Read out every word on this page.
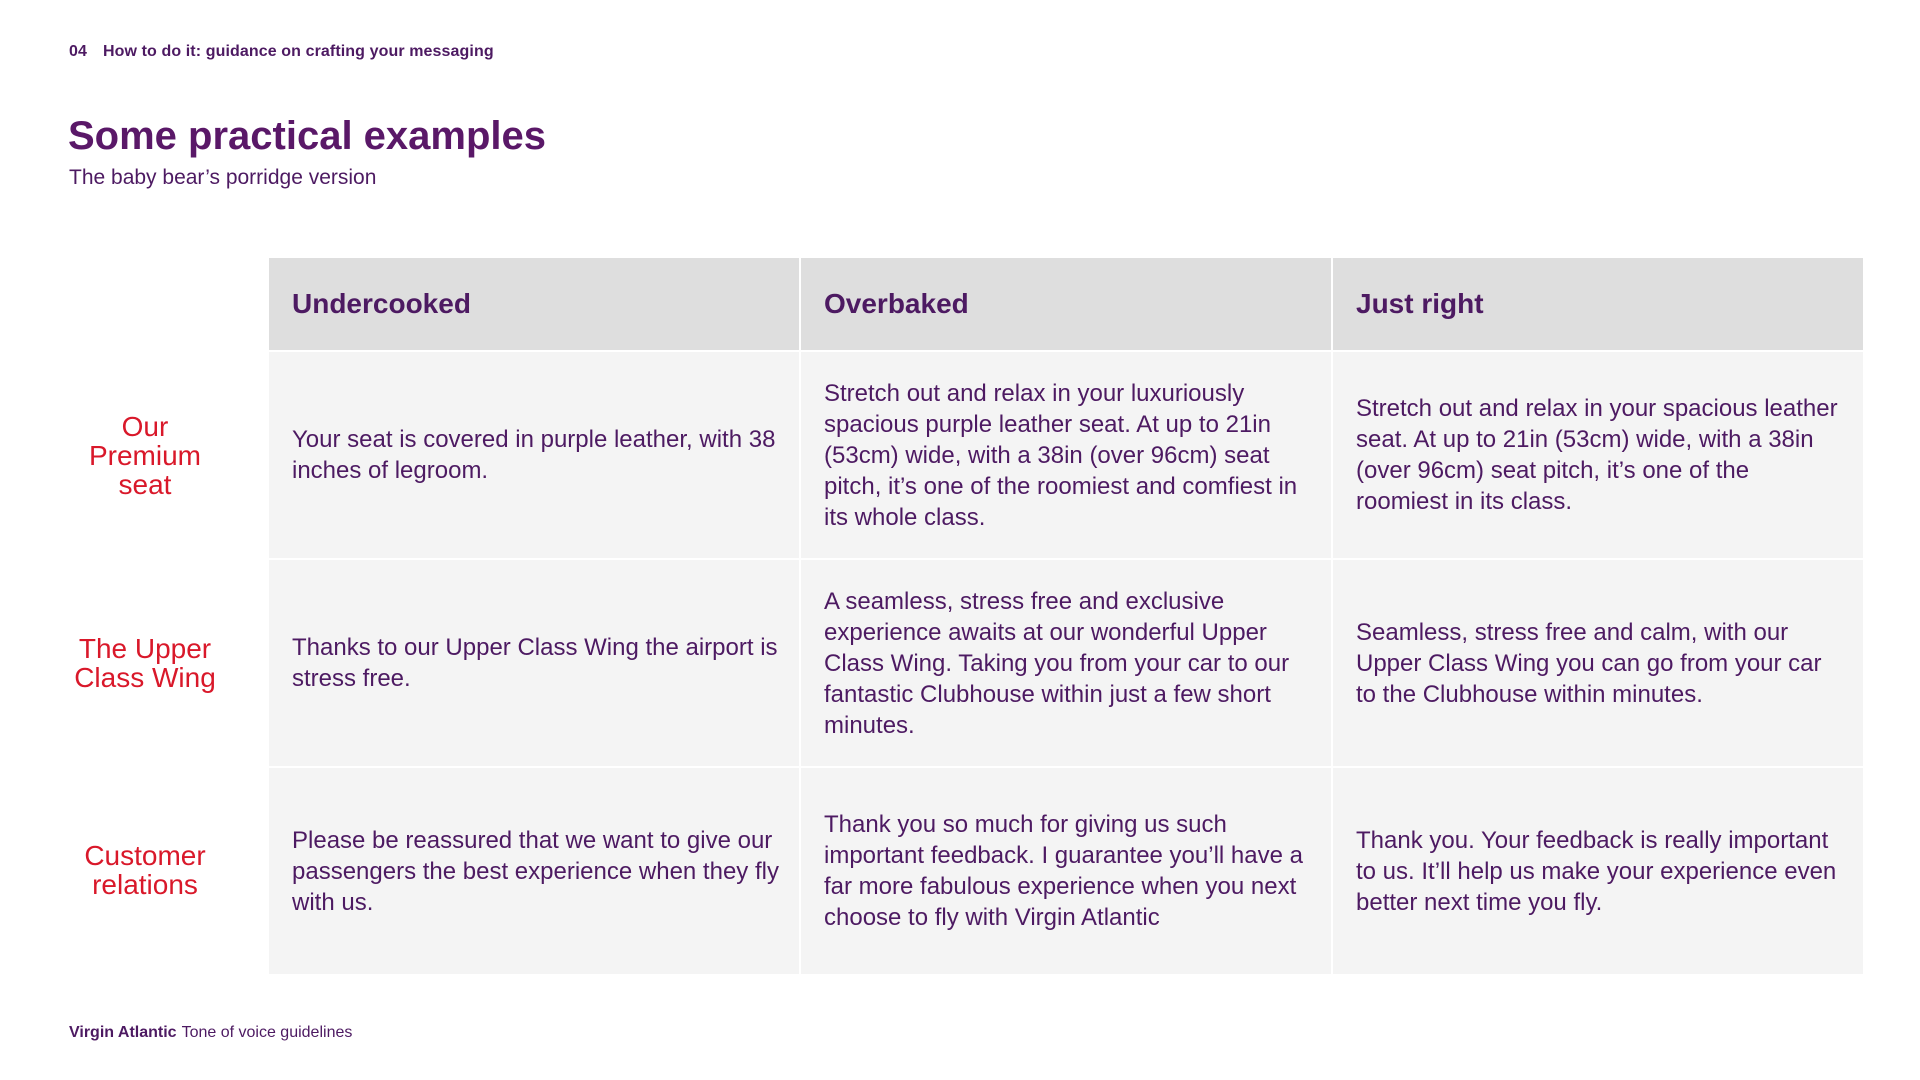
04 How to do it: guidance on crafting your messaging
Some practical examples

The baby bear’s porridge version

Our
Premium
seat
The Upper
Class Wing
Customer
relations
Undercooked	Overbaked	Just right
Your seat is covered in purple leather, with 38 inches of legroom.
Stretch out and relax in your luxuriously spacious purple leather seat. At up to 21in (53cm) wide, with a 38in (over 96cm) seat pitch, it’s one of the roomiest and comfiest in its whole class.
Stretch out and relax in your spacious leather seat. At up to 21in (53cm) wide, with a 38in (over 96cm) seat pitch, it’s one of the roomiest in its class.
Thanks to our Upper Class Wing the airport is stress free.
A seamless, stress free and exclusive experience awaits at our wonderful Upper Class Wing. Taking you from your car to our fantastic Clubhouse within just a few short minutes.
Seamless, stress free and calm, with our Upper Class Wing you can go from your car to the Clubhouse within minutes.
Please be reassured that we want to give our passengers the best experience when they fly with us.
Thank you so much for giving us such important feedback. I guarantee you’ll have a far more fabulous experience when you next choose to fly with Virgin Atlantic
Thank you. Your feedback is really important to us. It’ll help us make your experience even better next time you fly.
Virgin Atlantic Tone of voice guidelines
